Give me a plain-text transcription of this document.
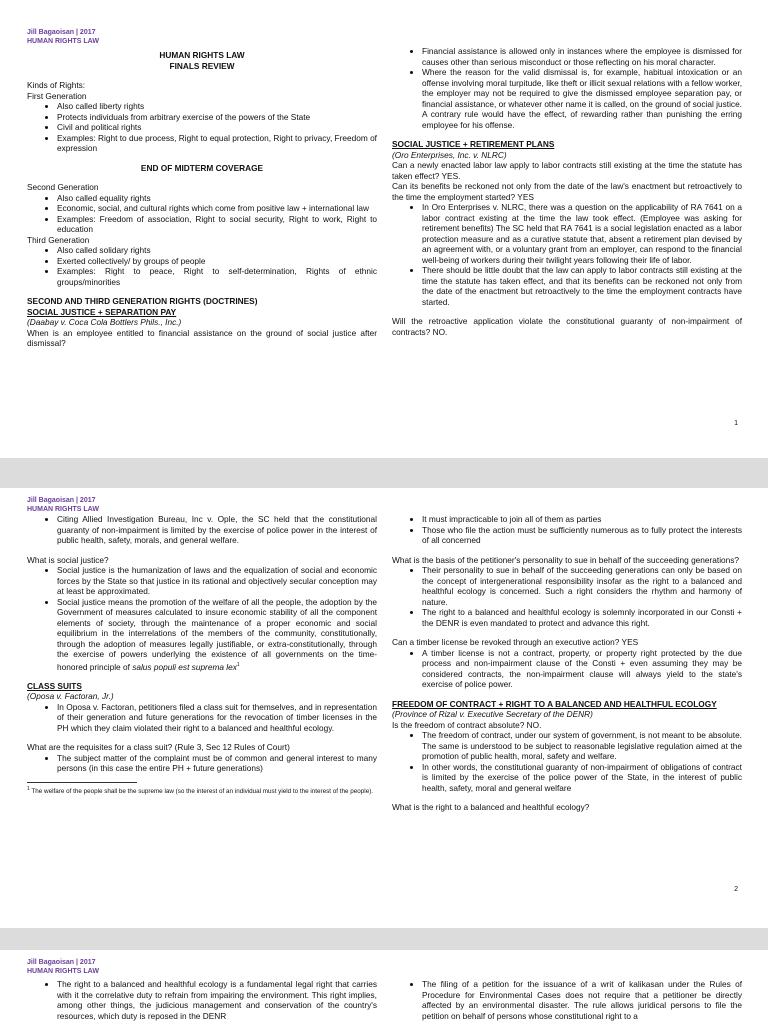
Jill Bagaoisan | 2017
HUMAN RIGHTS LAW

HUMAN RIGHTS LAW

FINALS REVIEW

Kinds of Rights:

First Generation

• Also called liberty rights
• Protects individuals from arbitrary exercise of the powers of the State
• Civil and political rights
• Examples: Right to due process, Right to equal protection, Right to privacy, Freedom of expression

END OF MIDTERM COVERAGE

Second Generation

• Also called equality rights
• Economic, social, and cultural rights which come from positive law + international law
• Examples: Freedom of association, Right to social security, Right to work, Right to education

Third Generation

• Also called solidary rights
• Exerted collectively/ by groups of people
• Examples: Right to peace, Right to self-determination, Rights of ethnic groups/minorities

SECOND AND THIRD GENERATION RIGHTS (DOCTRINES)

SOCIAL JUSTICE + SEPARATION PAY

(Daabay v. Coca Cola Bottlers Phils., Inc.)

When is an employee entitled to financial assistance on the ground of social justice after dismissal?

• Financial assistance is allowed only in instances where the employee is dismissed for causes other than serious misconduct or those reflecting on his moral character.
• Where the reason for the valid dismissal is, for example, habitual intoxication or an offense involving moral turpitude, like theft or illicit sexual relations with a fellow worker, the employer may not be required to give the dismissed employee separation pay, or financial assistance, or whatever other name it is called, on the ground of social justice. A contrary rule would have the effect, of rewarding rather than punishing the erring employee for his offense.

SOCIAL JUSTICE + RETIREMENT PLANS

(Oro Enterprises, Inc. v. NLRC)

Can a newly enacted labor law apply to labor contracts still existing at the time the statute has taken effect? YES.

Can its benefits be reckoned not only from the date of the law's enactment but retroactively to the time the employment started? YES

• In Oro Enterprises v. NLRC, there was a question on the applicability of RA 7641 on a labor contract existing at the time the law took effect. (Employee was asking for retirement benefits) The SC held that RA 7641 is a social legislation enacted as a labor protection measure and as a curative statute that, absent a retirement plan devised by an agreement with, or a voluntary grant from an employer, can respond to the financial well-being of workers during their twilight years following their life of labor.
• There should be little doubt that the law can apply to labor contracts still existing at the time the statute has taken effect, and that its benefits can be reckoned not only from the date of the enactment but retroactively to the time the employment contracts have started.

Will the retroactive application violate the constitutional guaranty of non-impairment of contracts? NO.

1
Jill Bagaoisan | 2017
HUMAN RIGHTS LAW
• Citing Allied Investigation Bureau, Inc v. Ople, the SC held that the constitutional guaranty of non-impairment is limited by the exercise of police power in the interest of public health, safety, morals, and general welfare.

What is social justice?

• Social justice is the humanization of laws and the equalization of social and economic forces by the State so that justice in its rational and objectively secular conception may at least be approximated.
• Social justice means the promotion of the welfare of all the people, the adoption by the Government of measures calculated to insure economic stability of all the component elements of society, through the maintenance of a proper economic and social equilibrium in the interrelations of the members of the community, constitutionally, through the adoption of measures legally justifiable, or extra-constitutionally, through the exercise of powers underlying the existence of all governments on the time-honored principle of salus populi est suprema lex$^1$

CLASS SUITS

(Oposa v. Factoran, Jr.)

• In Oposa v. Factoran, petitioners filed a class suit for themselves, and in representation of their generation and future generations for the revocation of timber licenses in the PH which they claim violated their right to a balanced and healthful ecology.

What are the requisites for a class suit? (Rule 3, Sec 12 Rules of Court)

• The subject matter of the complaint must be of common and general interest to many persons (in this case the entire PH + future generations)

$^1$ The welfare of the people shall be the supreme law (so the interest of an individual must yield to the interest of the people).

• It must impracticable to join all of them as parties
• Those who file the action must be sufficiently numerous as to fully protect the interests of all concerned

What is the basis of the petitioner's personality to sue in behalf of the succeeding generations?

• Their personality to sue in behalf of the succeeding generations can only be based on the concept of intergenerational responsibility insofar as the right to a balanced and healthful ecology is concerned. Such a right considers the rhythm and harmony of nature.
• The right to a balanced and healthful ecology is solemnly incorporated in our Consti + the DENR is even mandated to protect and advance this right.

Can a timber license be revoked through an executive action? YES

• A timber license is not a contract, property, or property right protected by the due process and non-impairment clause of the Consti + even assuming they may be considered contracts, the non-impairment clause will always yield to the state's exercise of police power.

FREEDOM OF CONTRACT + RIGHT TO A BALANCED AND HEALTHFUL ECOLOGY

(Province of Rizal v. Executive Secretary of the DENR)

Is the freedom of contract absolute? NO.

• The freedom of contract, under our system of government, is not meant to be absolute. The same is understood to be subject to reasonable legislative regulation aimed at the promotion of public health, moral, safety and welfare.
• In other words, the constitutional guaranty of non-impairment of obligations of contract is limited by the exercise of the police power of the State, in the interest of public health, safety, moral and general welfare

What is the right to a balanced and healthful ecology?

2
Jill Bagaoisan | 2017
HUMAN RIGHTS LAW
• The right to a balanced and healthful ecology is a fundamental legal right that carries with it the correlative duty to refrain from impairing the environment. This right implies, among other things, the judicious management and conservation of the country's resources, which duty is reposed in the DENR
• The filing of a petition for the issuance of a writ of kalikasan under the Rules of Procedure for Environmental Cases does not require that a petitioner be directly affected by an environmental disaster. The rule allows juridical persons to file the petition on behalf of persons whose constitutional right to a
